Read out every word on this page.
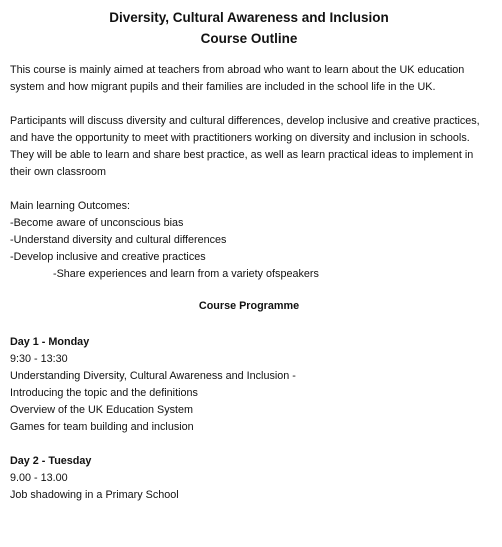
Diversity, Cultural Awareness and Inclusion
Course Outline

This course is mainly aimed at teachers from abroad who want to learn about the UK education system and how migrant pupils and their families are included in the school life in the UK.

Participants will discuss diversity and cultural differences, develop inclusive and creative practices, and have the opportunity to meet with practitioners working on diversity and inclusion in schools. They will be able to learn and share best practice, as well as learn practical ideas to implement in their own classroom

Main learning Outcomes:
-Become aware of unconscious bias
-Understand diversity and cultural differences
-Develop inclusive and creative practices
-Share experiences and learn from a variety ofspeakers

Course Programme

Day 1 - Monday
9:30 - 13:30
Understanding Diversity, Cultural Awareness and Inclusion -
Introducing the topic and the definitions
Overview of the UK Education System
Games for team building and inclusion
Day 2 - Tuesday
9.00 - 13.00
Job shadowing in a Primary School
